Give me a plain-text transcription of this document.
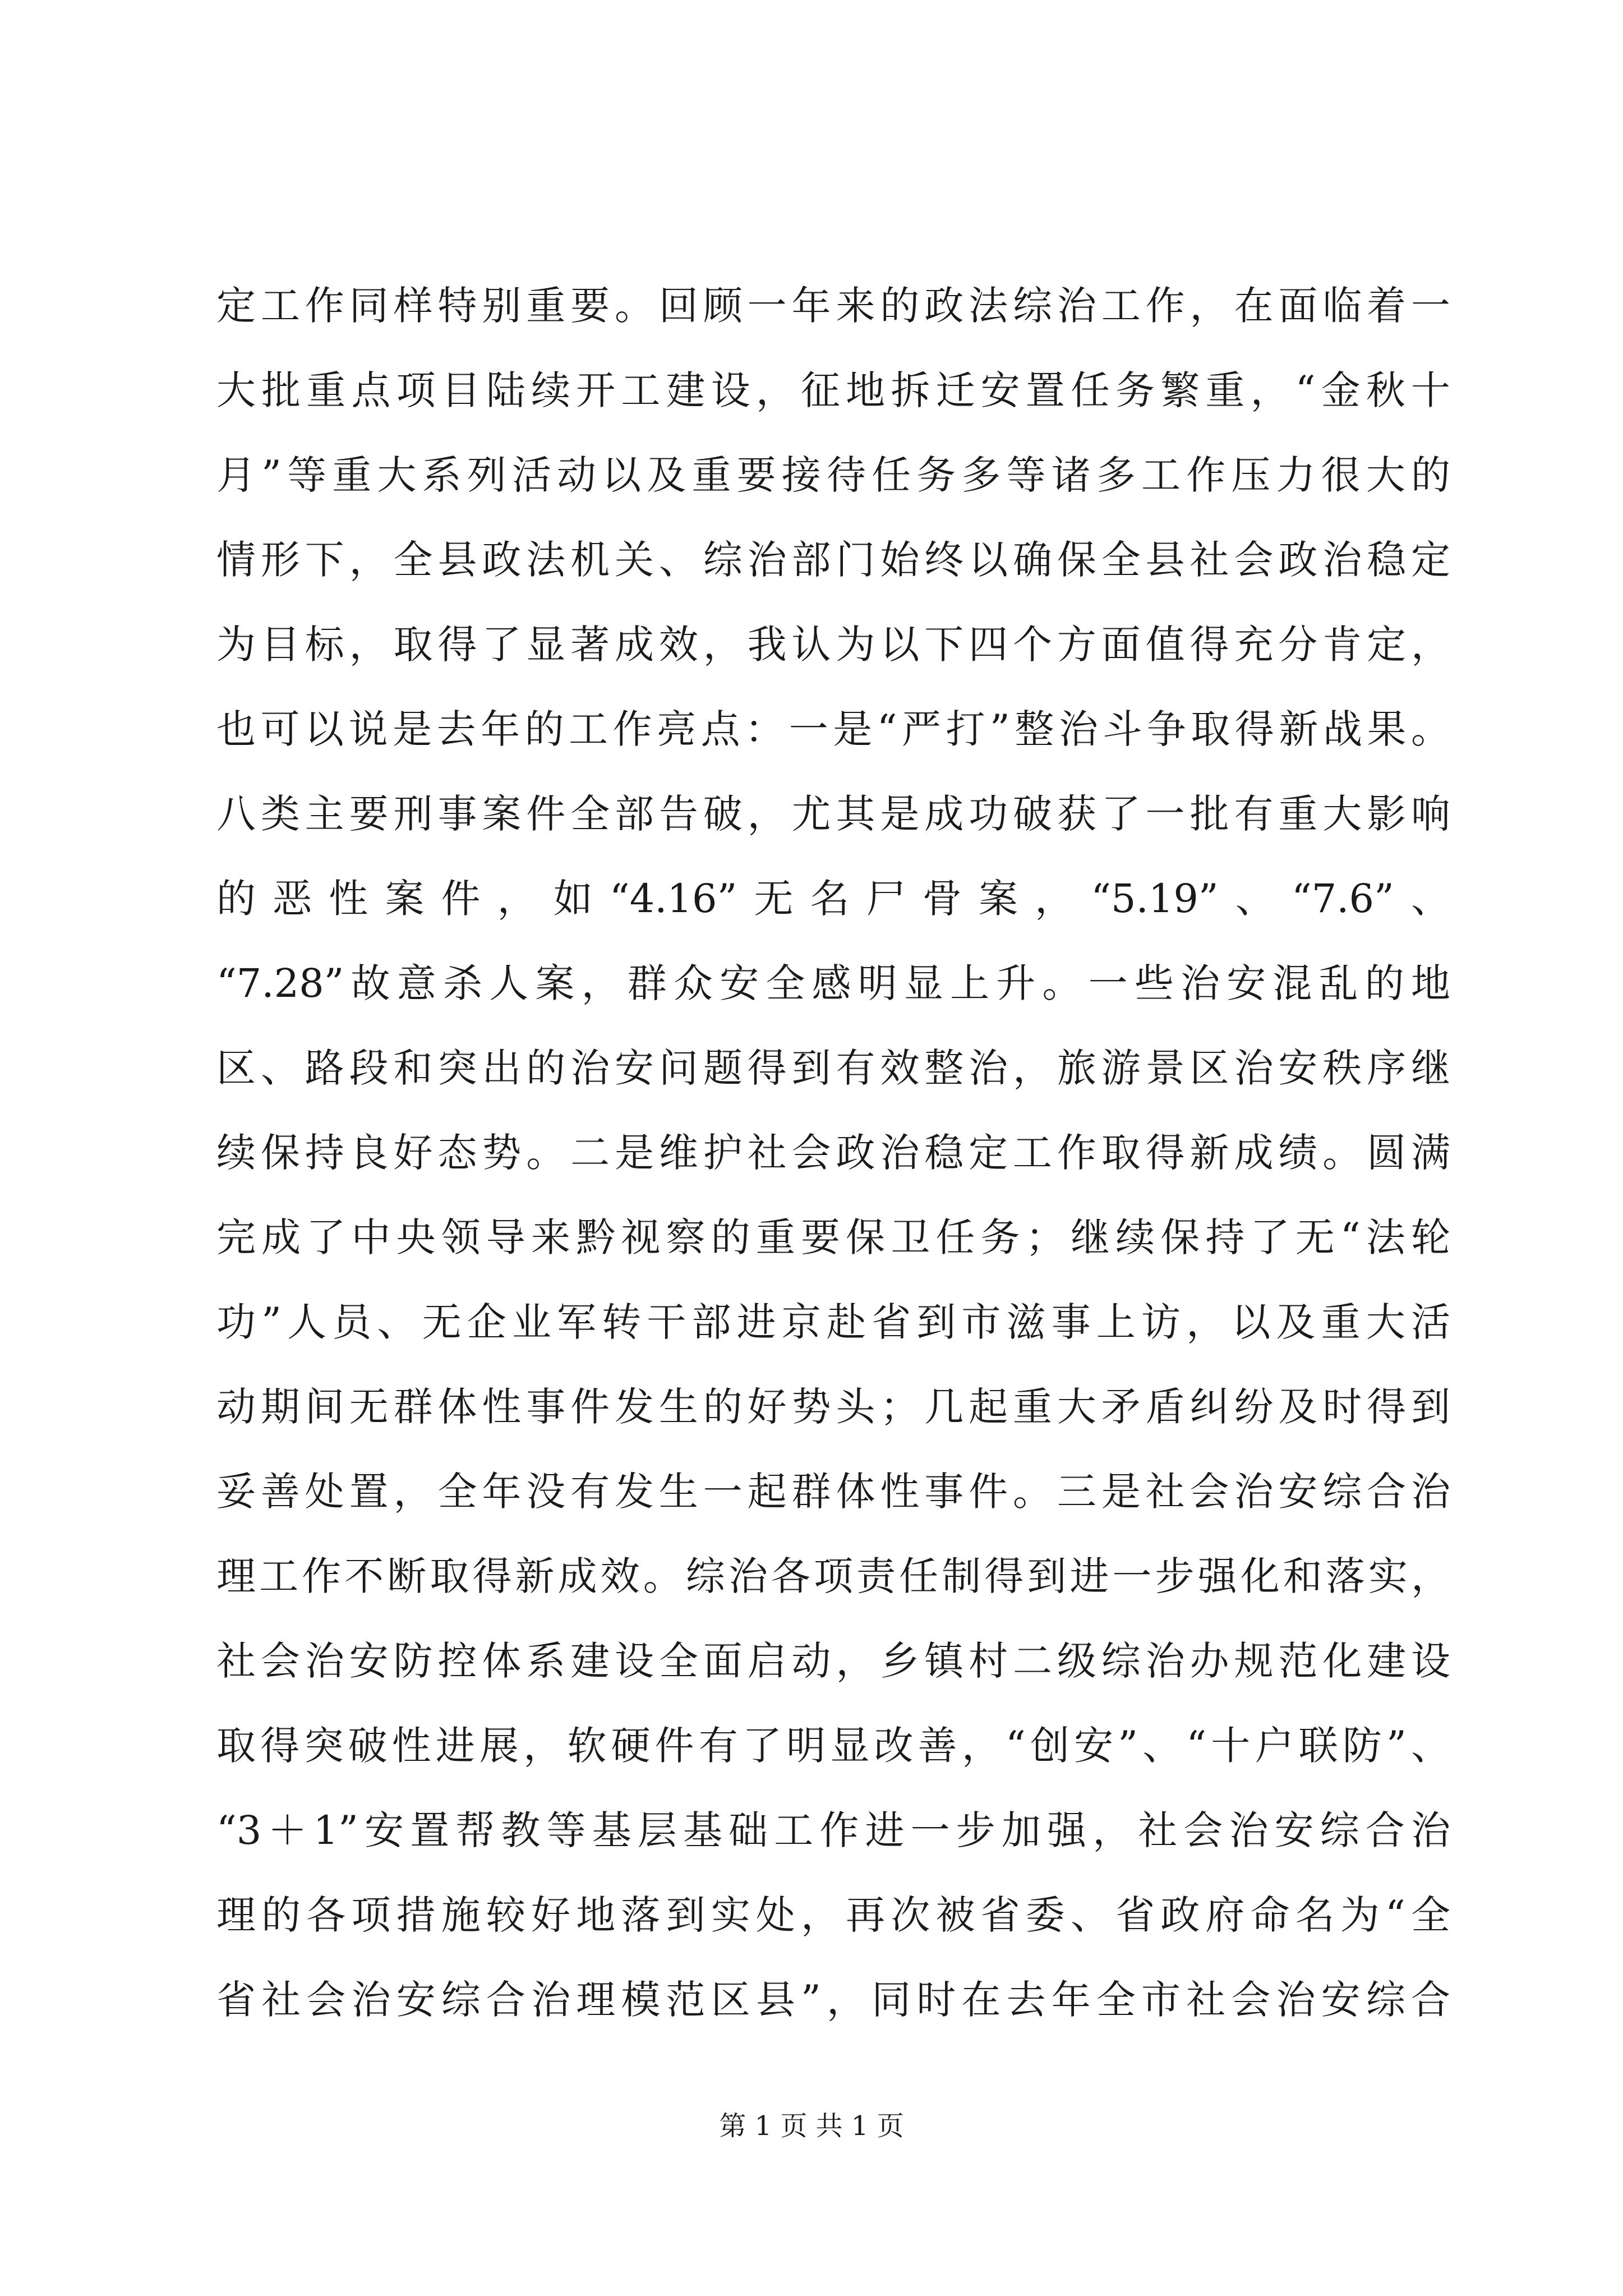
定工作同样特别重要。回顾一年来的政法综治工作，在面临着一
大批重点项目陆续开工建设，征地拆迁安置任务繁重，“金秋十
月”等重大系列活动以及重要接待任务多等诸多工作压力很大的
情形下，全县政法机关、综治部门始终以确保全县社会政治稳定
为目标，取得了显著成效，我认为以下四个方面值得充分肯定，
也可以说是去年的工作亮点：一是“严打”整治斗争取得新战果。
八类主要刑事案件全部告破，尤其是成功破获了一批有重大影响
的恶性案件，如“4.16”无名尸骨案，“5.19”、“7.6”、
“7.28”故意杀人案，群众安全感明显上升。一些治安混乱的地
区、路段和突出的治安问题得到有效整治，旅游景区治安秩序继
续保持良好态势。二是维护社会政治稳定工作取得新成绩。圆满
完成了中央领导来黔视察的重要保卫任务；继续保持了无“法轮
功”人员、无企业军转干部进京赴省到市滋事上访，以及重大活
动期间无群体性事件发生的好势头；几起重大矛盾纠纷及时得到
妥善处置，全年没有发生一起群体性事件。三是社会治安综合治
理工作不断取得新成效。综治各项责任制得到进一步强化和落实，
社会治安防控体系建设全面启动，乡镇村二级综治办规范化建设
取得突破性进展，软硬件有了明显改善，“创安”、“十户联防”、
“3＋1”安置帮教等基层基础工作进一步加强，社会治安综合治
理的各项措施较好地落到实处，再次被省委、省政府命名为“全
省社会治安综合治理模范区县”，同时在去年全市社会治安综合
第 1 页 共 1 页
